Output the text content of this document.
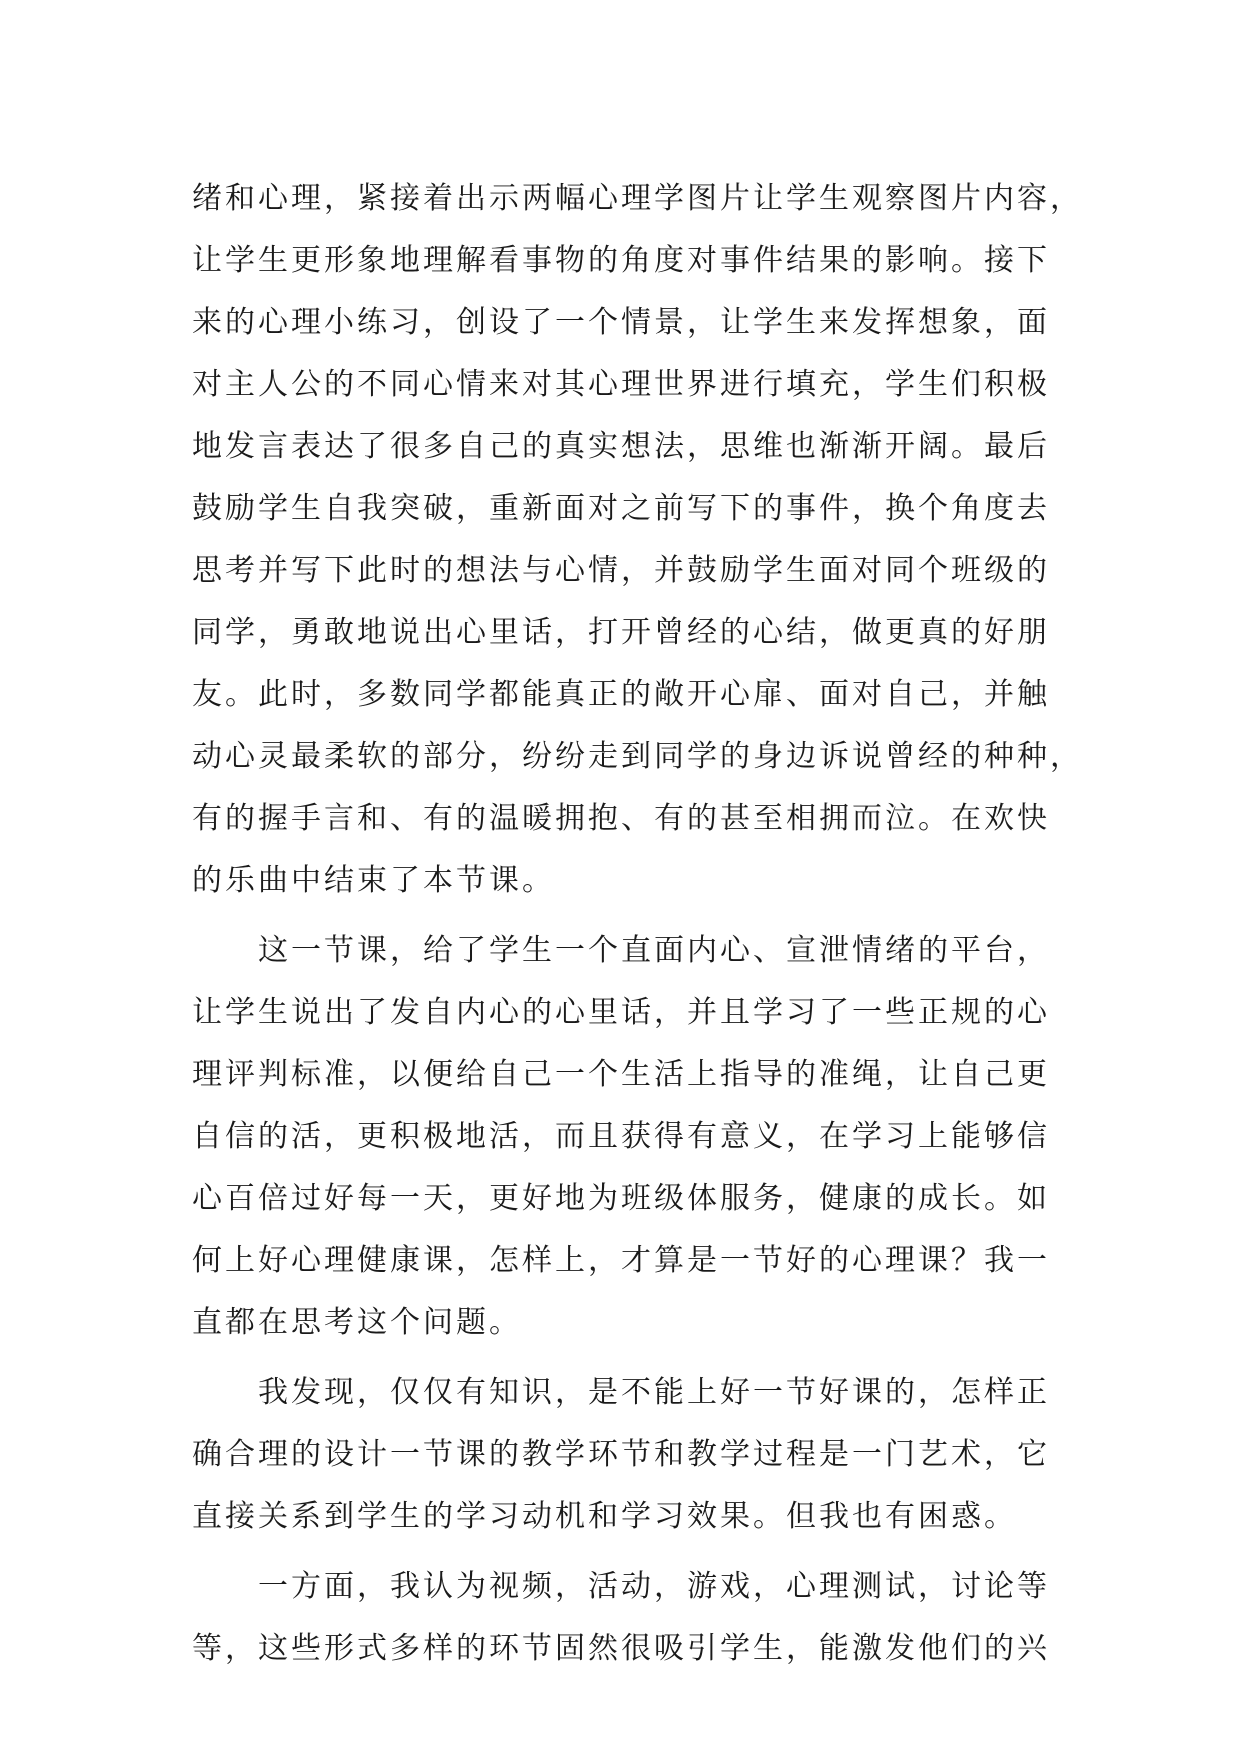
绪和心理，紧接着出示两幅心理学图片让学生观察图片内容，
让学生更形象地理解看事物的角度对事件结果的影响。接下
来的心理小练习，创设了一个情景，让学生来发挥想象，面
对主人公的不同心情来对其心理世界进行填充，学生们积极
地发言表达了很多自己的真实想法，思维也渐渐开阔。最后
鼓励学生自我突破，重新面对之前写下的事件，换个角度去
思考并写下此时的想法与心情，并鼓励学生面对同个班级的
同学，勇敢地说出心里话，打开曾经的心结，做更真的好朋
友。此时，多数同学都能真正的敞开心扉、面对自己，并触
动心灵最柔软的部分，纷纷走到同学的身边诉说曾经的种种，
有的握手言和、有的温暖拥抱、有的甚至相拥而泣。在欢快
的乐曲中结束了本节课。
这一节课，给了学生一个直面内心、宣泄情绪的平台，
让学生说出了发自内心的心里话，并且学习了一些正规的心
理评判标准，以便给自己一个生活上指导的准绳，让自己更
自信的活，更积极地活，而且获得有意义，在学习上能够信
心百倍过好每一天，更好地为班级体服务，健康的成长。如
何上好心理健康课，怎样上，才算是一节好的心理课？我一
直都在思考这个问题。
我发现，仅仅有知识，是不能上好一节好课的，怎样正
确合理的设计一节课的教学环节和教学过程是一门艺术，它
直接关系到学生的学习动机和学习效果。但我也有困惑。
一方面，我认为视频，活动，游戏，心理测试，讨论等
等，这些形式多样的环节固然很吸引学生，能激发他们的兴
